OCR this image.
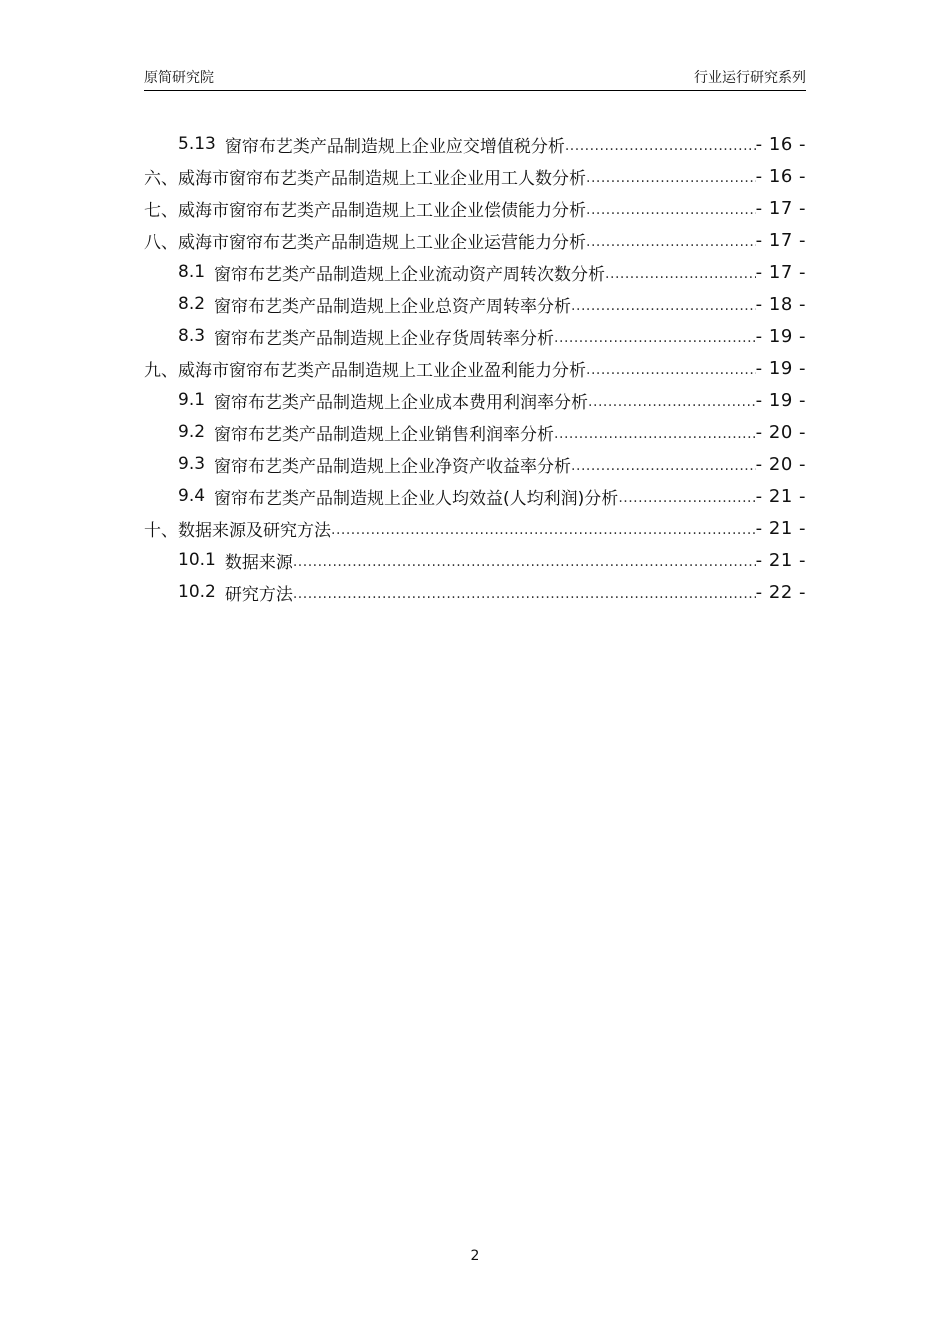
原简研究院	行业运行研究系列
5.13 窗帘布艺类产品制造规上企业应交增值税分析 .....	- 16 -
六、 威海市窗帘布艺类产品制造规上工业企业用工人数分析 .....	- 16 -
七、 威海市窗帘布艺类产品制造规上工业企业偿债能力分析 .....	- 17 -
八、 威海市窗帘布艺类产品制造规上工业企业运营能力分析 .....	- 17 -
8.1 窗帘布艺类产品制造规上企业流动资产周转次数分析 .....	- 17 -
8.2 窗帘布艺类产品制造规上企业总资产周转率分析 .....	- 18 -
8.3 窗帘布艺类产品制造规上企业存货周转率分析 .....	- 19 -
九、 威海市窗帘布艺类产品制造规上工业企业盈利能力分析 .....	- 19 -
9.1 窗帘布艺类产品制造规上企业成本费用利润率分析 .....	- 19 -
9.2 窗帘布艺类产品制造规上企业销售利润率分析 .....	- 20 -
9.3 窗帘布艺类产品制造规上企业净资产收益率分析 .....	- 20 -
9.4 窗帘布艺类产品制造规上企业人均效益(人均利润)分析 .....	- 21 -
十、 数据来源及研究方法 .....	- 21 -
10.1 数据来源 .....	- 21 -
10.2 研究方法 .....	- 22 -
2
